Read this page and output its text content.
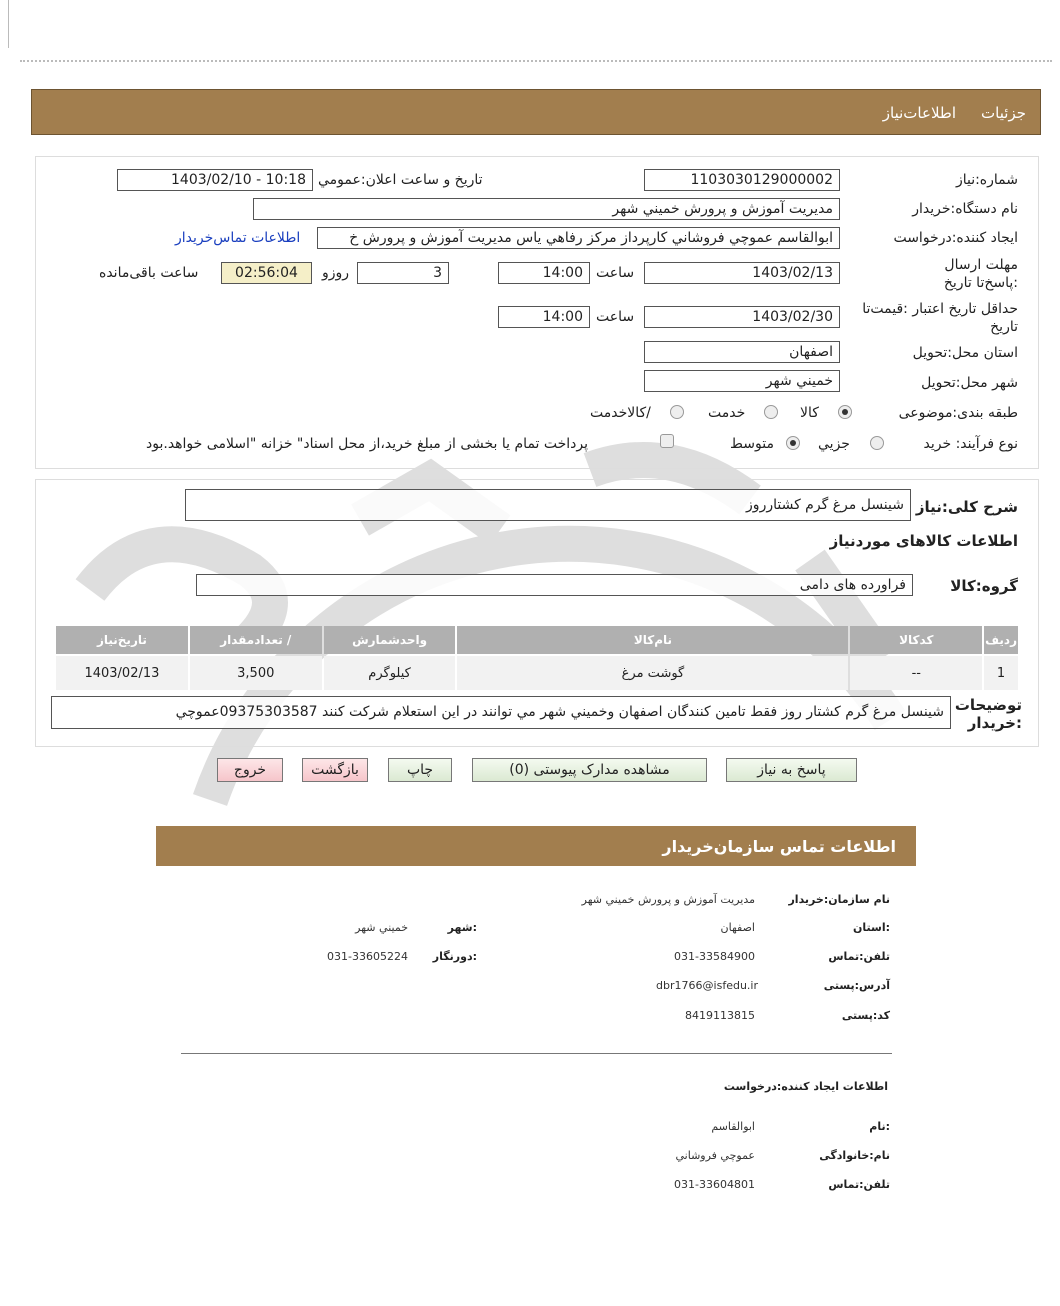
جزئیات
اطلاعات‌نیاز
شماره:نیاز
1103030129000002
تاریخ و ساعت اعلان:عمومي
1403/02/10 - 10:18
نام دستگاه:خریدار
مديريت آموزش و پرورش خميني شهر
ایجاد کننده:درخواست
ابوالقاسم عموچي فروشاني كارپرداز مركز رفاهي ياس مديريت آموزش و پرورش خ
اطلاعات تماس‌خریدار
مهلت ارسال :پاسخ‌تا تاریخ
1403/02/13
ساعت
14:00
3
روزو
02:56:04
ساعت باقی‌مانده
حداقل تاریخ اعتبار :قیمت‌تا تاریخ
1403/02/30
ساعت
14:00
استان محل:تحویل
اصفهان
شهر محل:تحویل
خميني شهر
طبقه بندی:موضوعی
کالا
خدمت
/کالاخدمت
نوع فرآیند: خرید
جزيي
متوسط
پرداخت تمام یا بخشی از مبلغ خرید،از محل اسناد" خزانه "اسلامی خواهد.بود
شرح کلی:نیاز
شينسل مرغ گرم كشتارروز
اطلاعات کالاهای موردنیاز
گروه:کالا
فراورده های دامی
ردیف	کدکالا	نام‌کالا	واحدشمارش	/ تعدادمقدار	تاریخ‌نیاز
1	--	گوشت مرغ	کیلوگرم	3,500	1403/02/13
توضیحات :خریدار
شينسل مرغ گرم كشتار روز فقط تامين كنندگان اصفهان وخميني شهر مي توانند در اين استعلام شركت كنند 09375303587عموچي
پاسخ به نیاز
مشاهده مدارک پیوستی (0)
چاپ
بازگشت
خروج
اطلاعات تماس سازمان‌خریدار
نام سازمان:خریدار
مديريت آموزش و پرورش خميني شهر
:استان
اصفهان
:شهر
خميني شهر
تلفن:تماس
031-33584900
:دورنگار
031-33605224
آدرس:پستی
dbr1766@isfedu.ir
کد:پستی
8419113815
اطلاعات ایجاد کننده:درخواست
:نام
ابوالقاسم
نام:خانوادگی
عموچي فروشاني
تلفن:تماس
031-33604801
